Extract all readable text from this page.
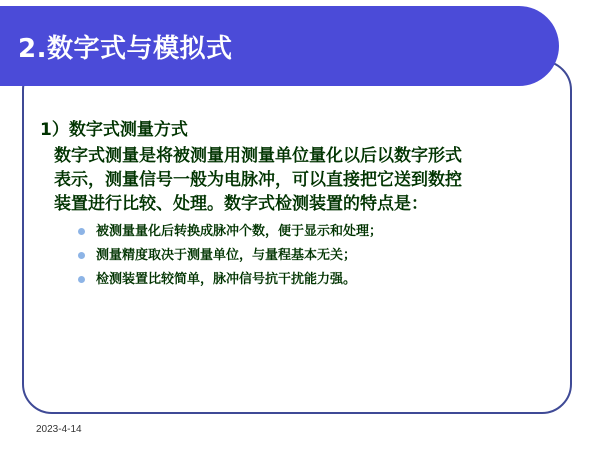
2.数字式与模拟式
1）数字式测量方式
数字式测量是将被测量用测量单位量化以后以数字形式
表示，测量信号一般为电脉冲，可以直接把它送到数控
装置进行比较、处理。数字式检测装置的特点是：
被测量量化后转换成脉冲个数，便于显示和处理；
测量精度取决于测量单位，与量程基本无关；
检测装置比较简单，脉冲信号抗干扰能力强。
2023-4-14
